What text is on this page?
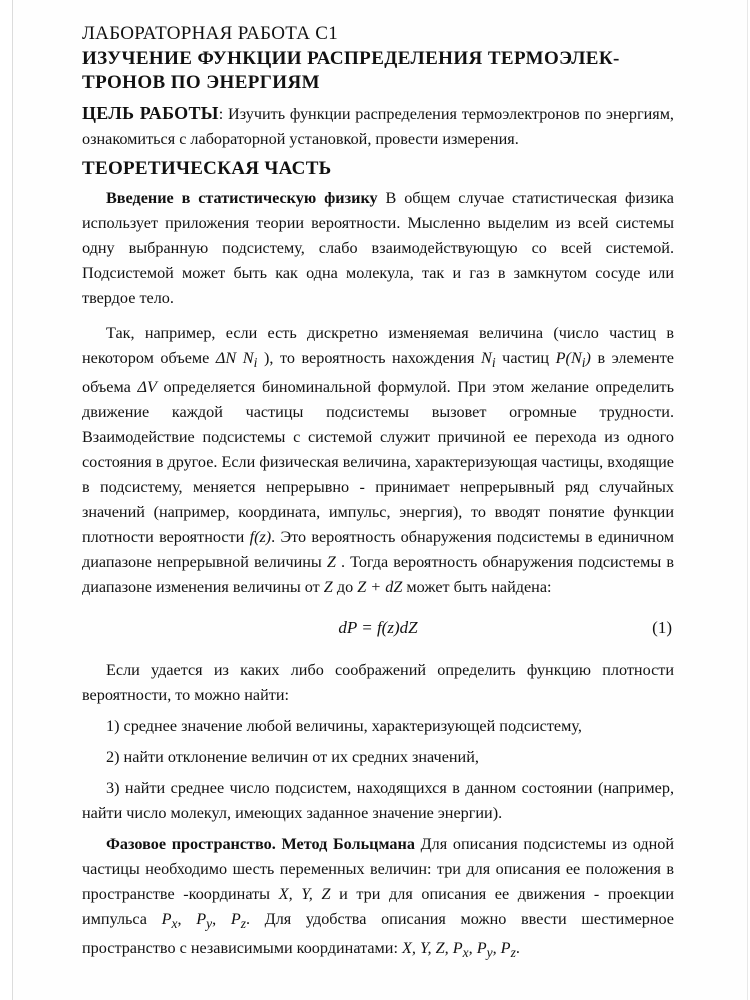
ЛАБОРАТОРНАЯ РАБОТА C1
ИЗУЧЕНИЕ ФУНКЦИИ РАСПРЕДЕЛЕНИЯ ТЕРМОЭЛЕК-
ТРОНОВ ПО ЭНЕРГИЯМ

ЦЕЛЬ РАБОТЫ: Изучить функции распределения термоэлектронов по энергиям, ознакомиться с лабораторной установкой, провести измерения.

ТЕОРЕТИЧЕСКАЯ ЧАСТЬ

Введение в статистическую физику В общем случае статистическая физика использует приложения теории вероятности. Мысленно выделим из всей системы одну выбранную подсистему, слабо взаимодействующую со всей системой. Подсистемой может быть как одна молекула, так и газ в замкнутом сосуде или твердое тело.

Так, например, если есть дискретно изменяемая величина (число частиц в некотором объеме ΔN $N_i$ ), то вероятность нахождения $N_i$ частиц $P(N_i)$ в элементе объема ΔV определяется биноминальной формулой. При этом желание определить движение каждой частицы подсистемы вызовет огромные трудности. Взаимодействие подсистемы с системой служит причиной ее перехода из одного состояния в другое. Если физическая величина, характеризующая частицы, входящие в подсистему, меняется непрерывно - принимает непрерывный ряд случайных значений (например, координата, импульс, энергия), то вводят понятие функции плотности вероятности f(z). Это вероятность обнаружения подсистемы в единичном диапазоне непрерывной величины Z . Тогда вероятность обнаружения подсистемы в диапазоне изменения величины от Z до Z + dZ может быть найдена:

dP = f(z)dZ	(1)

Если удается из каких либо соображений определить функцию плотности вероятности, то можно найти:

1) среднее значение любой величины, характеризующей подсистему,

2) найти отклонение величин от их средних значений,

3) найти среднее число подсистем, находящихся в данном состоянии (например, найти число молекул, имеющих заданное значение энергии).

Фазовое пространство. Метод Больцмана Для описания подсистемы из одной частицы необходимо шесть переменных величин: три для описания ее положения в пространстве -координаты X, Y, Z и три для описания ее движения - проекции импульса $P_x$, $P_y$, $P_z$. Для удобства описания можно ввести шестимерное пространство с независимыми координатами: X, Y, Z, $P_x$, $P_y$, $P_z$.
